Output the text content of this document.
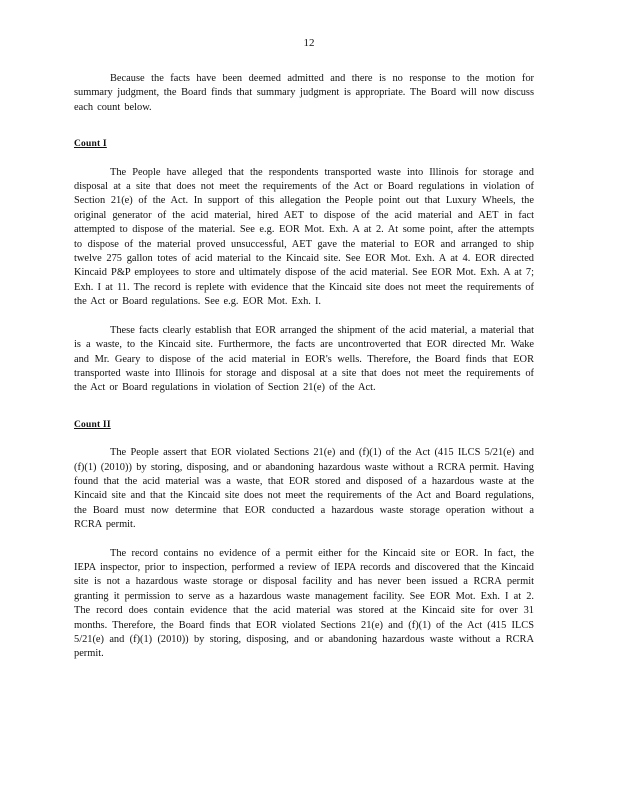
12

Because the facts have been deemed admitted and there is no response to the motion for summary judgment, the Board finds that summary judgment is appropriate. The Board will now discuss each count below.

Count I

The People have alleged that the respondents transported waste into Illinois for storage and disposal at a site that does not meet the requirements of the Act or Board regulations in violation of Section 21(e) of the Act. In support of this allegation the People point out that Luxury Wheels, the original generator of the acid material, hired AET to dispose of the acid material and AET in fact attempted to dispose of the material. See e.g. EOR Mot. Exh. A at 2. At some point, after the attempts to dispose of the material proved unsuccessful, AET gave the material to EOR and arranged to ship twelve 275 gallon totes of acid material to the Kincaid site. See EOR Mot. Exh. A at 4. EOR directed Kincaid P&P employees to store and ultimately dispose of the acid material. See EOR Mot. Exh. A at 7; Exh. I at 11. The record is replete with evidence that the Kincaid site does not meet the requirements of the Act or Board regulations. See e.g. EOR Mot. Exh. I.

These facts clearly establish that EOR arranged the shipment of the acid material, a material that is a waste, to the Kincaid site. Furthermore, the facts are uncontroverted that EOR directed Mr. Wake and Mr. Geary to dispose of the acid material in EOR's wells. Therefore, the Board finds that EOR transported waste into Illinois for storage and disposal at a site that does not meet the requirements of the Act or Board regulations in violation of Section 21(e) of the Act.

Count II

The People assert that EOR violated Sections 21(e) and (f)(1) of the Act (415 ILCS 5/21(e) and (f)(1) (2010)) by storing, disposing, and or abandoning hazardous waste without a RCRA permit. Having found that the acid material was a waste, that EOR stored and disposed of a hazardous waste at the Kincaid site and that the Kincaid site does not meet the requirements of the Act and Board regulations, the Board must now determine that EOR conducted a hazardous waste storage operation without a RCRA permit.

The record contains no evidence of a permit either for the Kincaid site or EOR. In fact, the IEPA inspector, prior to inspection, performed a review of IEPA records and discovered that the Kincaid site is not a hazardous waste storage or disposal facility and has never been issued a RCRA permit granting it permission to serve as a hazardous waste management facility. See EOR Mot. Exh. I at 2. The record does contain evidence that the acid material was stored at the Kincaid site for over 31 months. Therefore, the Board finds that EOR violated Sections 21(e) and (f)(1) of the Act (415 ILCS 5/21(e) and (f)(1) (2010)) by storing, disposing, and or abandoning hazardous waste without a RCRA permit.
